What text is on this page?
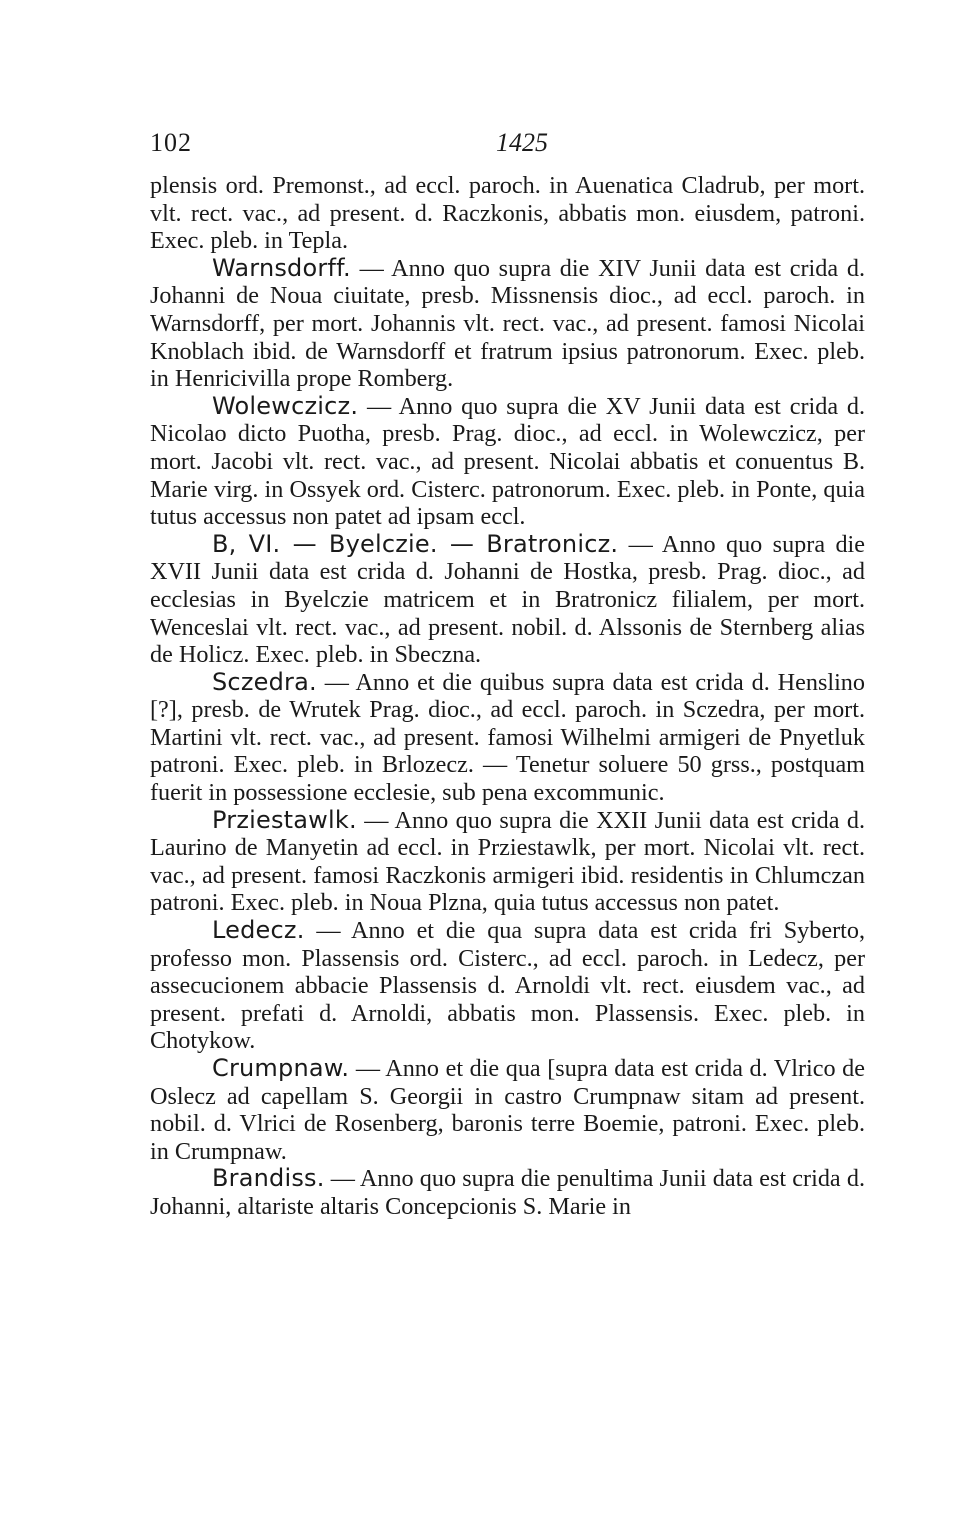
102	1425

plensis ord. Premonst., ad eccl. paroch. in Auenatica Cladrub, per mort. vlt. rect. vac., ad present. d. Raczkonis, abbatis mon. eiusdem, patroni. Exec. pleb. in Tepla.

Warnsdorff. — Anno quo supra die XIV Junii data est crida d. Johanni de Noua ciuitate, presb. Missnensis dioc., ad eccl. paroch. in Warnsdorff, per mort. Johannis vlt. rect. vac., ad present. famosi Nicolai Knoblach ibid. de Warnsdorff et fratrum ipsius patronorum. Exec. pleb. in Henricivilla prope Romberg.

Wolewczicz. — Anno quo supra die XV Junii data est crida d. Nicolao dicto Puotha, presb. Prag. dioc., ad eccl. in Wolewczicz, per mort. Jacobi vlt. rect. vac., ad present. Nicolai abbatis et conuentus B. Marie virg. in Ossyek ord. Cisterc. patronorum. Exec. pleb. in Ponte, quia tutus accessus non patet ad ipsam eccl.

B, VI. — Byelczie. — Bratronicz. — Anno quo supra die XVII Junii data est crida d. Johanni de Hostka, presb. Prag. dioc., ad ecclesias in Byelczie matricem et in Bratronicz filialem, per mort. Wenceslai vlt. rect. vac., ad present. nobil. d. Alssonis de Sternberg alias de Holicz. Exec. pleb. in Sbeczna.

Sczedra. — Anno et die quibus supra data est crida d. Henslino [?], presb. de Wrutek Prag. dioc., ad eccl. paroch. in Sczedra, per mort. Martini vlt. rect. vac., ad present. famosi Wilhelmi armigeri de Pnyetluk patroni. Exec. pleb. in Brlozecz. — Tenetur soluere 50 grss., postquam fuerit in possessione ecclesie, sub pena excommunic.

Prziestawlk. — Anno quo supra die XXII Junii data est crida d. Laurino de Manyetin ad eccl. in Prziestawlk, per mort. Nicolai vlt. rect. vac., ad present. famosi Raczkonis armigeri ibid. residentis in Chlumczan patroni. Exec. pleb. in Noua Plzna, quia tutus accessus non patet.

Ledecz. — Anno et die qua supra data est crida fri Syberto, professo mon. Plassensis ord. Cisterc., ad eccl. paroch. in Ledecz, per assecucionem abbacie Plassensis d. Arnoldi vlt. rect. eiusdem vac., ad present. prefati d. Arnoldi, abbatis mon. Plassensis. Exec. pleb. in Chotykow.

Crumpnaw. — Anno et die qua [supra data est crida d. Vlrico de Oslecz ad capellam S. Georgii in castro Crumpnaw sitam ad present. nobil. d. Vlrici de Rosenberg, baronis terre Boemie, patroni. Exec. pleb. in Crumpnaw.

Brandiss. — Anno quo supra die penultima Junii data est crida d. Johanni, altariste altaris Concepcionis S. Marie in
